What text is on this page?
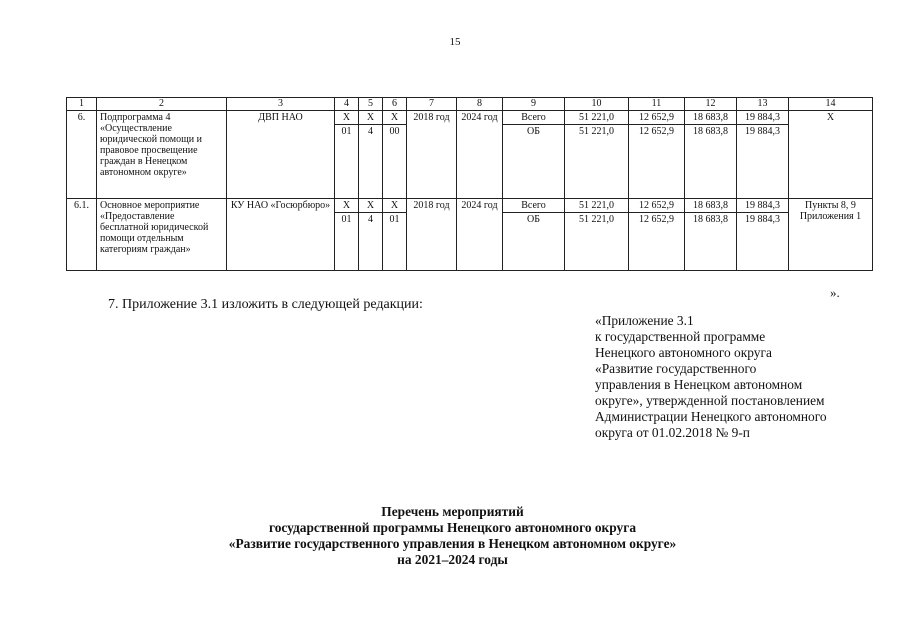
15
1	2	3	4	5	6	7	8	9	10	11	12	13	14
6.	Подпрограмма 4 «Осуществление юридической помощи и правовое просвещение граждан в Ненецком автономном округе»	ДВП НАО	Х	Х	Х	2018 год	2024 год	Всего	51 221,0	12 652,9	18 683,8	19 884,3	Х
			01	4	00			ОБ	51 221,0	12 652,9	18 683,8	19 884,3	
6.1.	Основное мероприятие «Предоставление бесплатной юридической помощи отдельным категориям граждан»	КУ НАО «Госюрбюро»	Х	Х	Х	2018 год	2024 год	Всего	51 221,0	12 652,9	18 683,8	19 884,3	Пункты 8, 9 Приложения 1
			01	4	01			ОБ	51 221,0	12 652,9	18 683,8	19 884,3	
».
7. Приложение 3.1 изложить в следующей редакции:
«Приложение 3.1
к государственной программе
Ненецкого автономного округа
«Развитие государственного
управления в Ненецком автономном
округе», утвержденной постановлением
Администрации Ненецкого автономного
округа от 01.02.2018 № 9-п
Перечень мероприятий
государственной программы Ненецкого автономного округа
«Развитие государственного управления в Ненецком автономном округе»
на 2021–2024 годы
